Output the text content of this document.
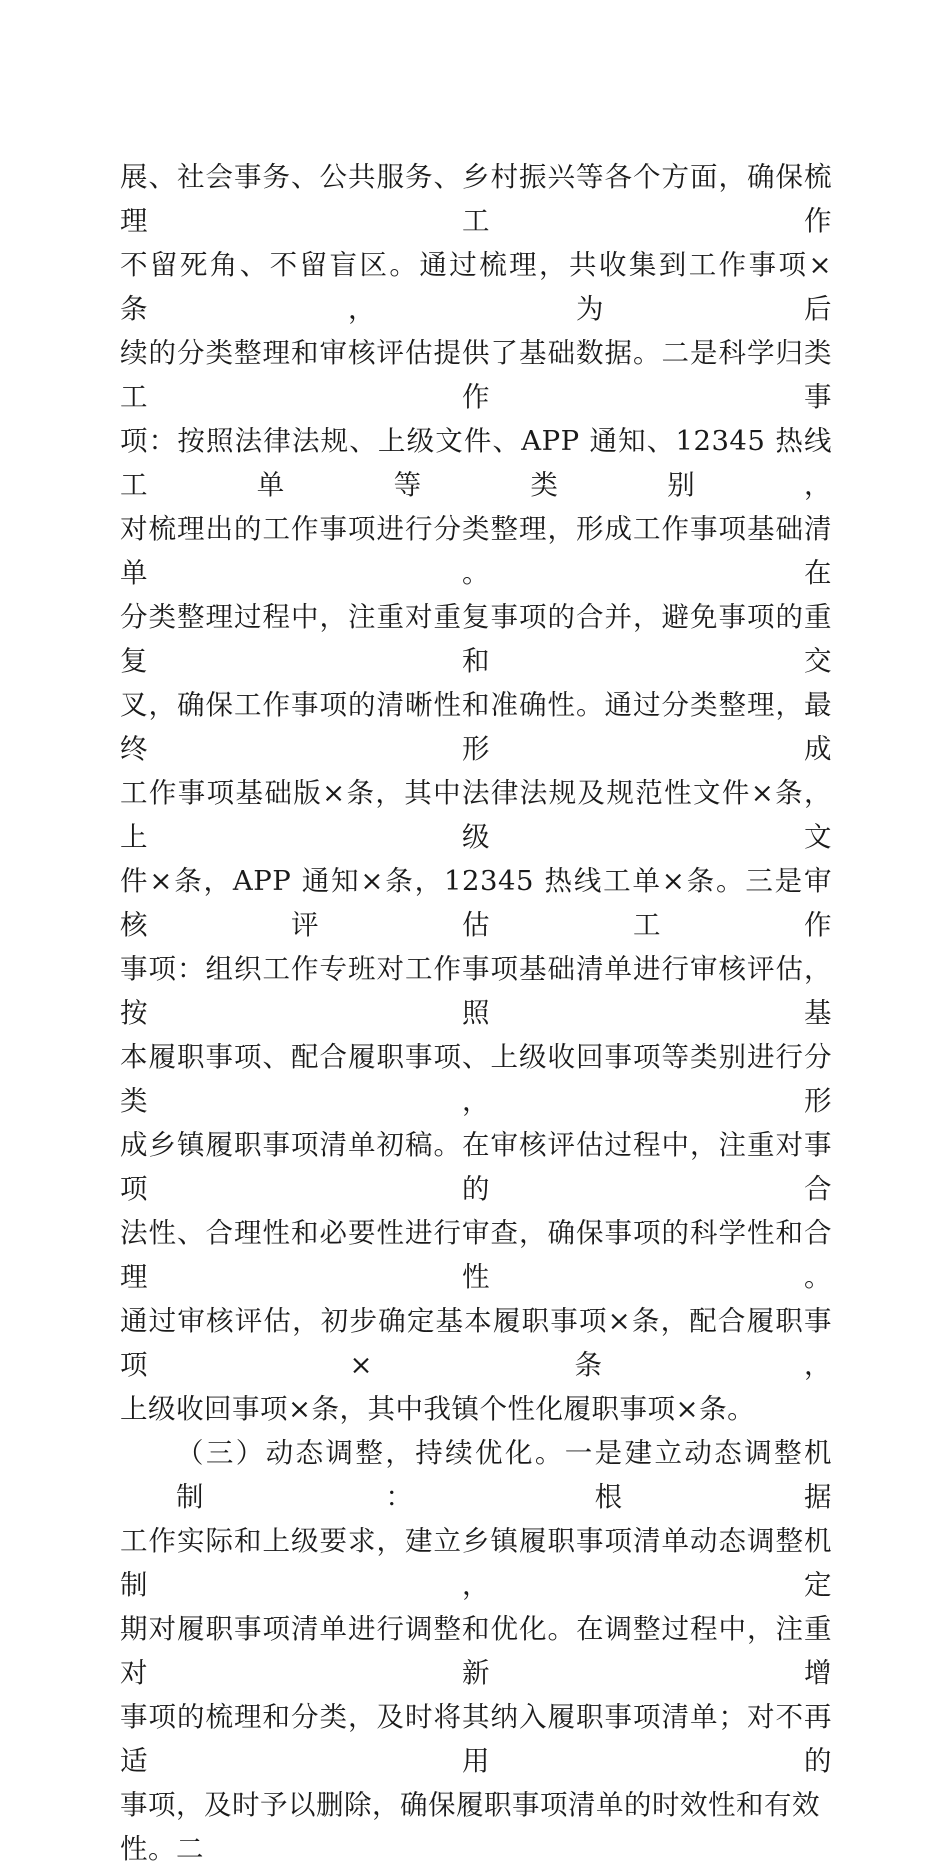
展、社会事务、公共服务、乡村振兴等各个方面，确保梳理工作
不留死角、不留盲区。通过梳理，共收集到工作事项×条，为后
续的分类整理和审核评估提供了基础数据。二是科学归类工作事
项：按照法律法规、上级文件、APP 通知、12345 热线工单等类别，
对梳理出的工作事项进行分类整理，形成工作事项基础清单。在
分类整理过程中，注重对重复事项的合并，避免事项的重复和交
叉，确保工作事项的清晰性和准确性。通过分类整理，最终形成
工作事项基础版×条，其中法律法规及规范性文件×条，上级文
件×条，APP 通知×条，12345 热线工单×条。三是审核评估工作
事项：组织工作专班对工作事项基础清单进行审核评估，按照基
本履职事项、配合履职事项、上级收回事项等类别进行分类，形
成乡镇履职事项清单初稿。在审核评估过程中，注重对事项的合
法性、合理性和必要性进行审查，确保事项的科学性和合理性。
通过审核评估，初步确定基本履职事项×条，配合履职事项×条，
上级收回事项×条，其中我镇个性化履职事项×条。
（三）动态调整，持续优化。一是建立动态调整机制：根据
工作实际和上级要求，建立乡镇履职事项清单动态调整机制，定
期对履职事项清单进行调整和优化。在调整过程中，注重对新增
事项的梳理和分类，及时将其纳入履职事项清单；对不再适用的
事项，及时予以删除，确保履职事项清单的时效性和有效性。二
